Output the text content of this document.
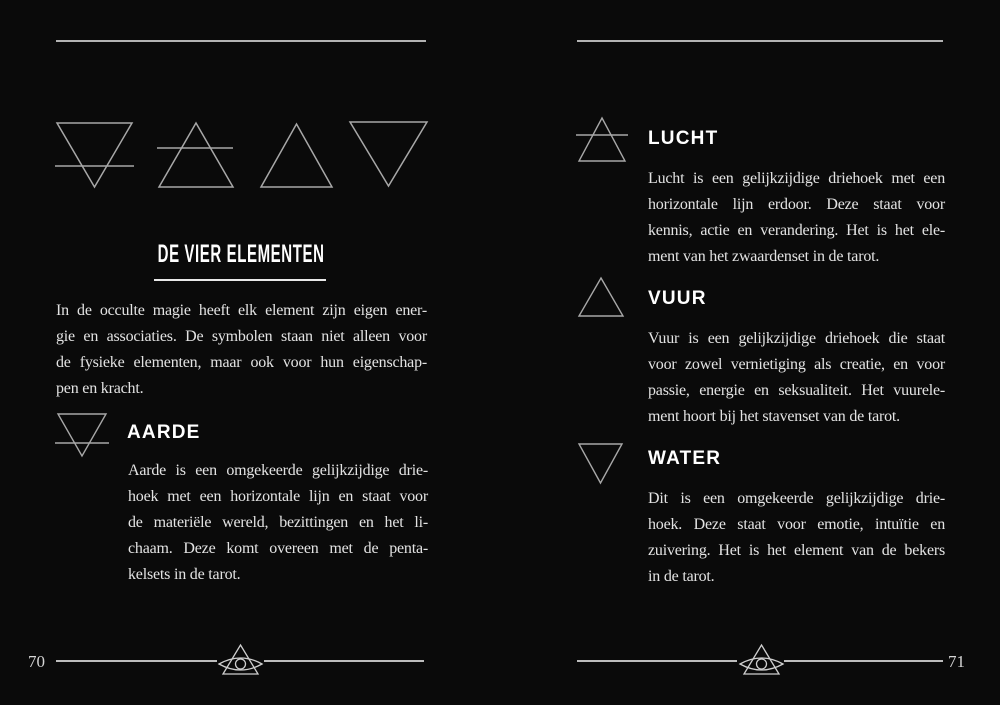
DE VIER ELEMENTEN
In de occulte magie heeft elk element zijn eigen ener-
gie en associaties. De symbolen staan niet alleen voor
de fysieke elementen, maar ook voor hun eigenschap-
pen en kracht.
AARDE
Aarde is een omgekeerde gelijkzijdige drie-
hoek met een horizontale lijn en staat voor
de materiële wereld, bezittingen en het li-
chaam. Deze komt overeen met de penta-
kelsets in de tarot.
70
LUCHT
Lucht is een gelijkzijdige driehoek met een
horizontale lijn erdoor. Deze staat voor
kennis, actie en verandering. Het is het ele-
ment van het zwaardenset in de tarot.
VUUR
Vuur is een gelijkzijdige driehoek die staat
voor zowel vernietiging als creatie, en voor
passie, energie en seksualiteit. Het vuurele-
ment hoort bij het stavenset van de tarot.
WATER
Dit is een omgekeerde gelijkzijdige drie-
hoek. Deze staat voor emotie, intuïtie en
zuivering. Het is het element van de bekers
in de tarot.
71
